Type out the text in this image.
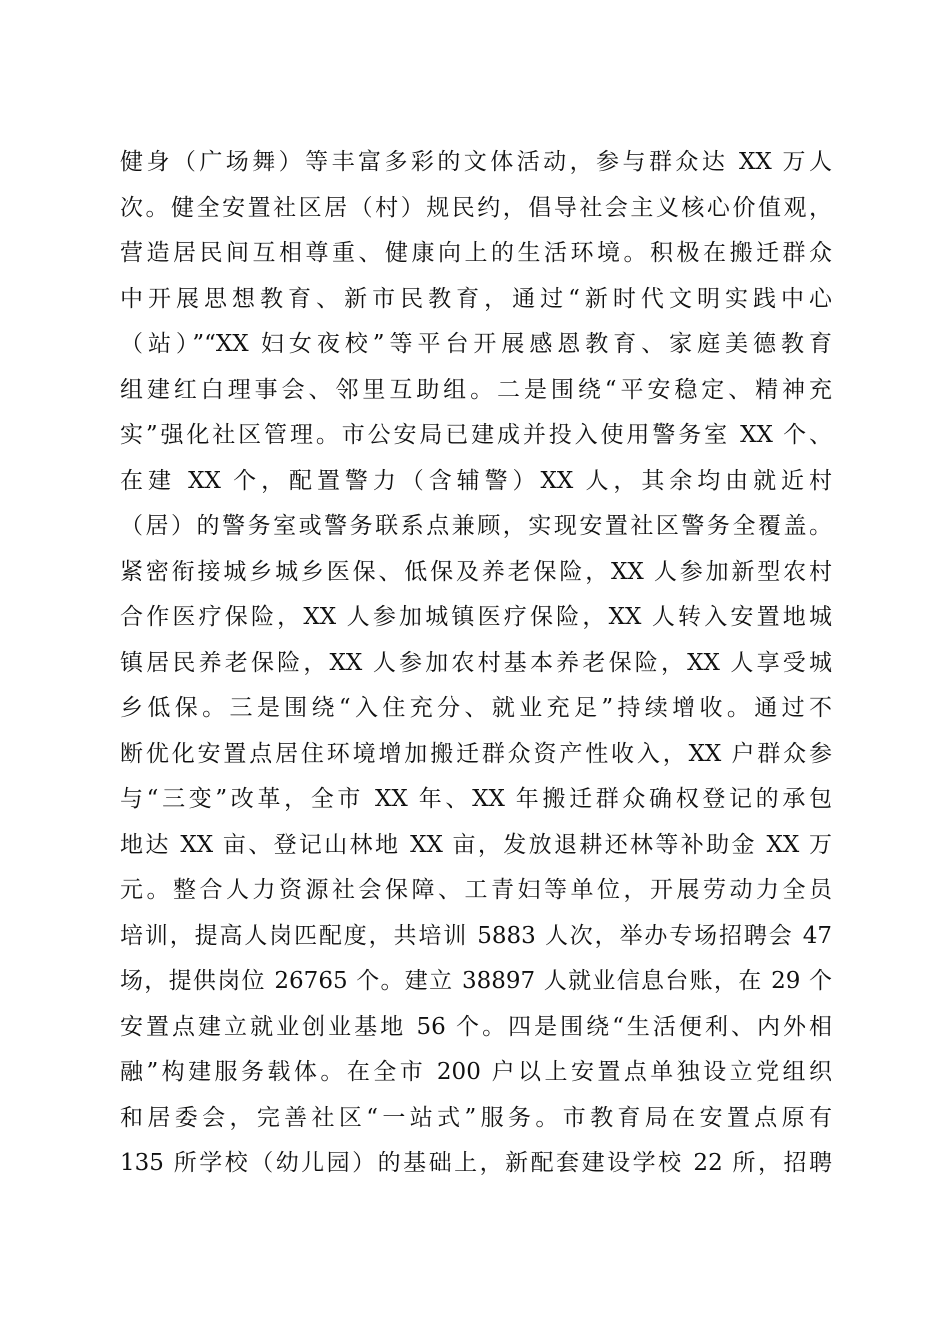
健身（广场舞）等丰富多彩的文体活动，参与群众达 XX 万人
次。健全安置社区居（村）规民约，倡导社会主义核心价值观，
营造居民间互相尊重、健康向上的生活环境。积极在搬迁群众
中开展思想教育、新市民教育，通过“新时代文明实践中心
（站）”“XX 妇女夜校”等平台开展感恩教育、家庭美德教育
组建红白理事会、邻里互助组。二是围绕“平安稳定、精神充
实”强化社区管理。市公安局已建成并投入使用警务室 XX 个、
在建 XX 个，配置警力（含辅警）XX 人，其余均由就近村
（居）的警务室或警务联系点兼顾，实现安置社区警务全覆盖。
紧密衔接城乡城乡医保、低保及养老保险，XX 人参加新型农村
合作医疗保险，XX 人参加城镇医疗保险，XX 人转入安置地城
镇居民养老保险，XX 人参加农村基本养老保险，XX 人享受城
乡低保。三是围绕“入住充分、就业充足”持续增收。通过不
断优化安置点居住环境增加搬迁群众资产性收入，XX 户群众参
与“三变”改革，全市 XX 年、XX 年搬迁群众确权登记的承包
地达 XX 亩、登记山林地 XX 亩，发放退耕还林等补助金 XX 万
元。整合人力资源社会保障、工青妇等单位，开展劳动力全员
培训，提高人岗匹配度，共培训 5883 人次，举办专场招聘会 47
场，提供岗位 26765 个。建立 38897 人就业信息台账，在 29 个
安置点建立就业创业基地 56 个。四是围绕“生活便利、内外相
融”构建服务载体。在全市 200 户以上安置点单独设立党组织
和居委会，完善社区“一站式”服务。市教育局在安置点原有
135 所学校（幼儿园）的基础上，新配套建设学校 22 所，招聘
